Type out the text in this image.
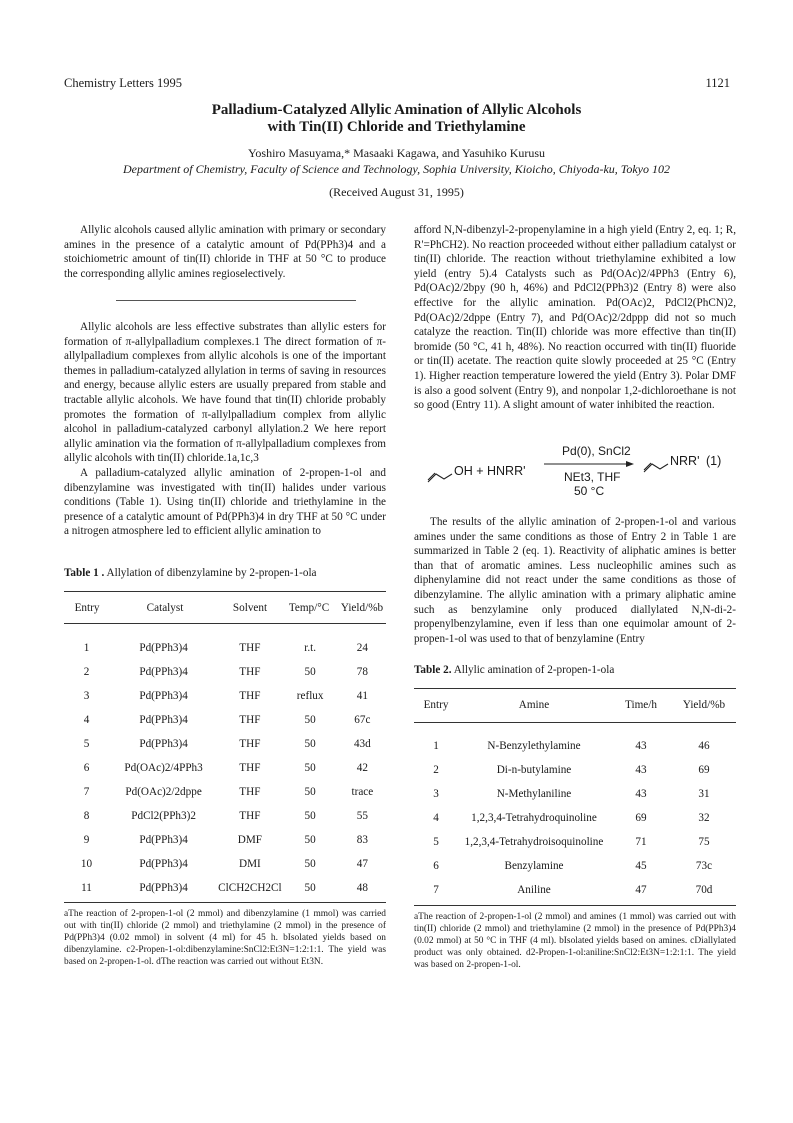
Chemistry Letters 1995	1121
Palladium-Catalyzed Allylic Amination of Allylic Alcohols
with Tin(II) Chloride and Triethylamine
Yoshiro Masuyama,* Masaaki Kagawa, and Yasuhiko Kurusu
Department of Chemistry, Faculty of Science and Technology, Sophia University, Kioicho, Chiyoda-ku, Tokyo 102
(Received August 31, 1995)

Allylic alcohols caused allylic amination with primary or secondary amines in the presence of a catalytic amount of Pd(PPh3)4 and a stoichiometric amount of tin(II) chloride in THF at 50 °C to produce the corresponding allylic amines regioselectively.

Allylic alcohols are less effective substrates than allylic esters for formation of π-allylpalladium complexes.1 The direct formation of π-allylpalladium complexes from allylic alcohols is one of the important themes in palladium-catalyzed allylation in terms of saving in resources and energy, because allylic esters are usually prepared from stable and tractable allylic alcohols. We have found that tin(II) chloride probably promotes the formation of π-allylpalladium complex from allylic alcohol in palladium-catalyzed carbonyl allylation.2 We here report allylic amination via the formation of π-allylpalladium complexes from allylic alcohols with tin(II) chloride.1a,1c,3

A palladium-catalyzed allylic amination of 2-propen-1-ol and dibenzylamine was investigated with tin(II) halides under various conditions (Table 1). Using tin(II) chloride and triethylamine in the presence of a catalytic amount of Pd(PPh3)4 in dry THF at 50 °C under a nitrogen atmosphere led to efficient allylic amination to

Table 1 . Allylation of dibenzylamine by 2-propen-1-ola
Entry	Catalyst	Solvent	Temp/°C	Yield/%b
1	Pd(PPh3)4	THF	r.t.	24
2	Pd(PPh3)4	THF	50	78
3	Pd(PPh3)4	THF	reflux	41
4	Pd(PPh3)4	THF	50	67c
5	Pd(PPh3)4	THF	50	43d
6	Pd(OAc)2/4PPh3	THF	50	42
7	Pd(OAc)2/2dppe	THF	50	trace
8	PdCl2(PPh3)2	THF	50	55
9	Pd(PPh3)4	DMF	50	83
10	Pd(PPh3)4	DMI	50	47
11	Pd(PPh3)4	ClCH2CH2Cl	50	48
aThe reaction of 2-propen-1-ol (2 mmol) and dibenzylamine (1 mmol) was carried out with tin(II) chloride (2 mmol) and triethylamine (2 mmol) in the presence of Pd(PPh3)4 (0.02 mmol) in solvent (4 ml) for 45 h. bIsolated yields based on dibenzylamine. c2-Propen-1-ol:dibenzylamine:SnCl2:Et3N=1:2:1:1. The yield was based on 2-propen-1-ol. dThe reaction was carried out without Et3N.

afford N,N-dibenzyl-2-propenylamine in a high yield (Entry 2, eq. 1; R, R'=PhCH2). No reaction proceeded without either palladium catalyst or tin(II) chloride. The reaction without triethylamine exhibited a low yield (entry 5).4 Catalysts such as Pd(OAc)2/4PPh3 (Entry 6), Pd(OAc)2/2bpy (90 h, 46%) and PdCl2(PPh3)2 (Entry 8) were also effective for the allylic amination. Pd(OAc)2, PdCl2(PhCN)2, Pd(OAc)2/2dppe (Entry 7), and Pd(OAc)2/2dppp did not so much catalyze the reaction. Tin(II) chloride was more effective than tin(II) bromide (50 °C, 41 h, 48%). No reaction occurred with tin(II) fluoride or tin(II) acetate. The reaction quite slowly proceeded at 25 °C (Entry 1). Higher reaction temperature lowered the yield (Entry 3). Polar DMF is also a good solvent (Entry 9), and nonpolar 1,2-dichloroethane is not so good (Entry 11). A slight amount of water inhibited the reaction.

OH + HNRR'
Pd(0), SnCl2
NEt3, THF
50 °C
NRR' (1)

The results of the allylic amination of 2-propen-1-ol and various amines under the same conditions as those of Entry 2 in Table 1 are summarized in Table 2 (eq. 1). Reactivity of aliphatic amines is better than that of aromatic amines. Less nucleophilic amines such as diphenylamine did not react under the same conditions as those of dibenzylamine. The allylic amination with a primary aliphatic amine such as benzylamine only produced diallylated N,N-di-2-propenylbenzylamine, even if less than one equimolar amount of 2-propen-1-ol was used to that of benzylamine (Entry

Table 2. Allylic amination of 2-propen-1-ola
Entry	Amine	Time/h	Yield/%b
1	N-Benzylethylamine	43	46
2	Di-n-butylamine	43	69
3	N-Methylaniline	43	31
4	1,2,3,4-Tetrahydroquinoline	69	32
5	1,2,3,4-Tetrahydroisoquinoline	71	75
6	Benzylamine	45	73c
7	Aniline	47	70d
aThe reaction of 2-propen-1-ol (2 mmol) and amines (1 mmol) was carried out with tin(II) chloride (2 mmol) and triethylamine (2 mmol) in the presence of Pd(PPh3)4 (0.02 mmol) at 50 °C in THF (4 ml). bIsolated yields based on amines. cDiallylated product was only obtained. d2-Propen-1-ol:aniline:SnCl2:Et3N=1:2:1:1. The yield was based on 2-propen-1-ol.
